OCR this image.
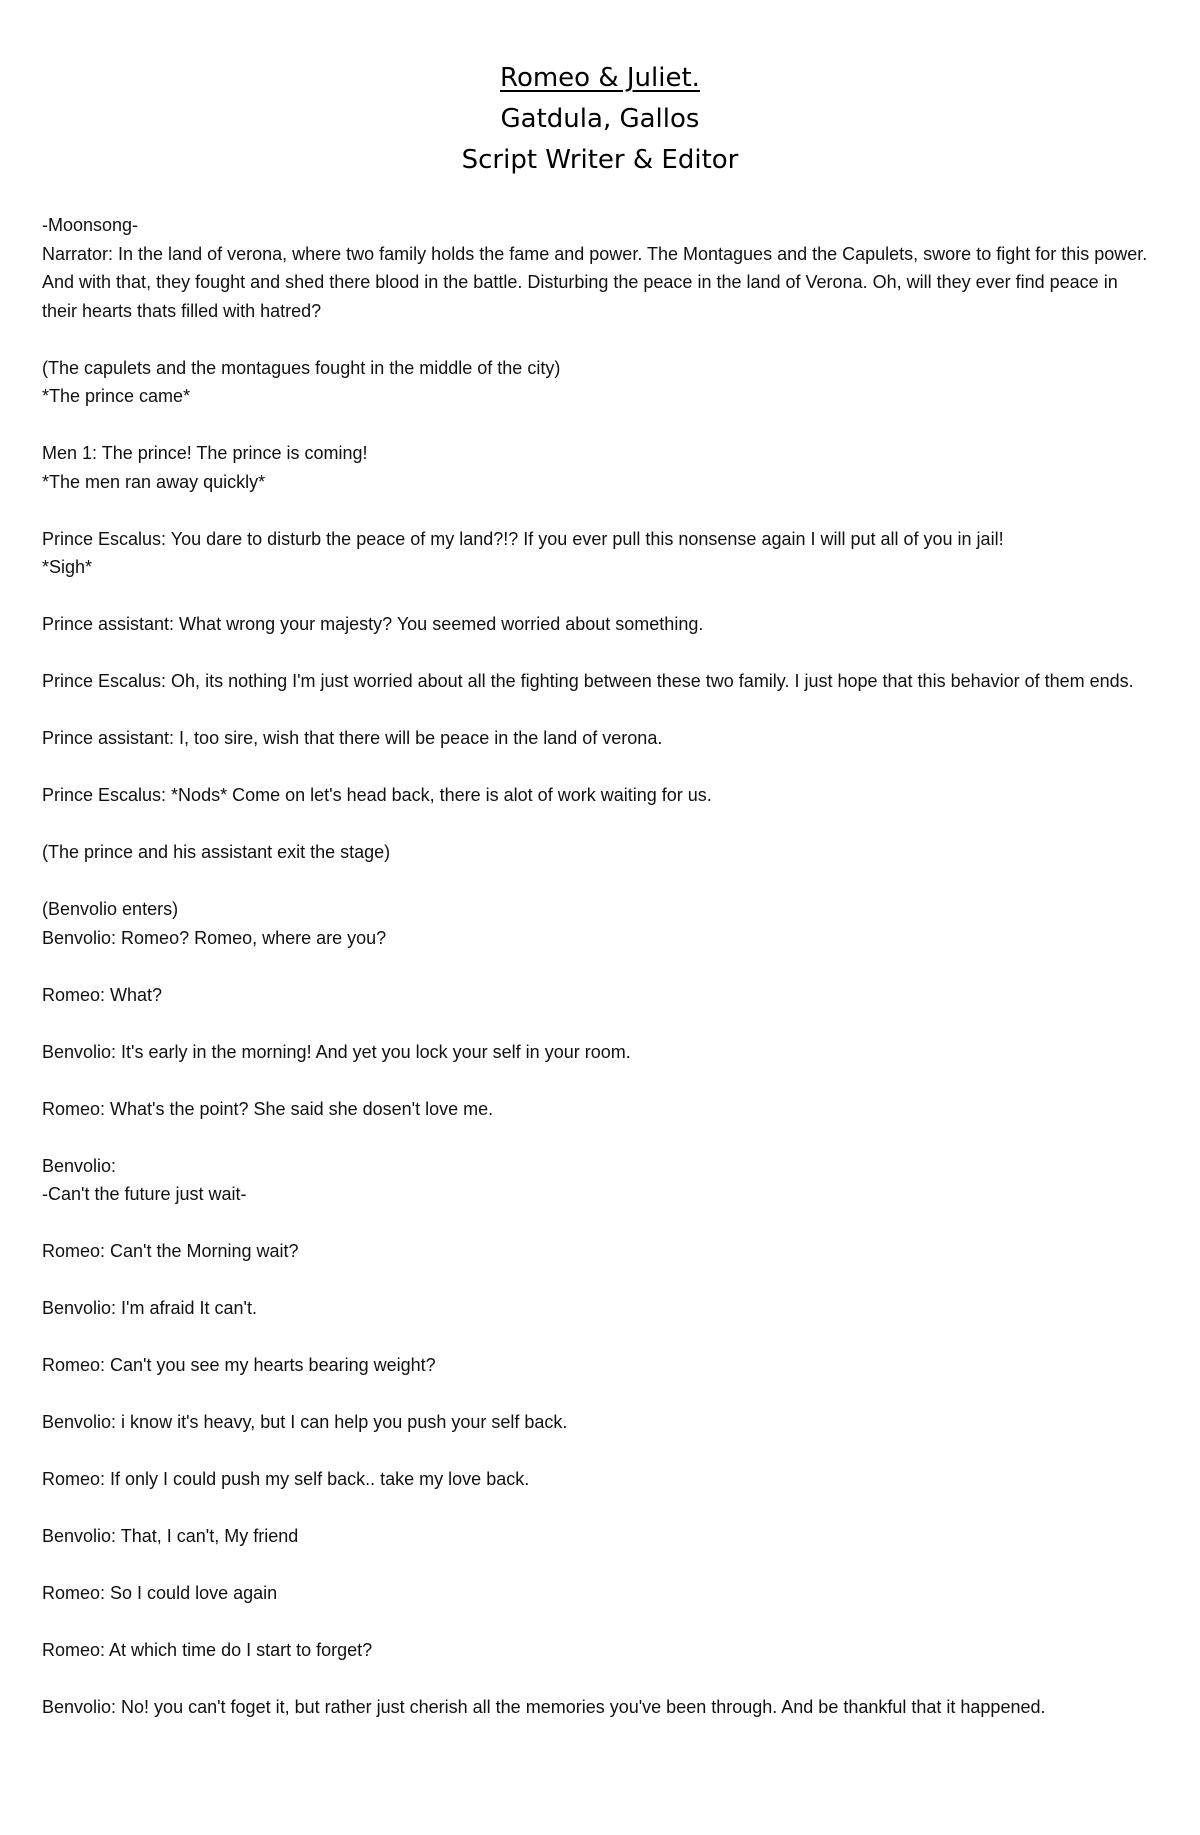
Romeo & Juliet.
Gatdula, Gallos
Script Writer & Editor
-Moonsong-
Narrator: In the land of verona, where two family holds the fame and power. The Montagues and the Capulets, swore to fight for this power. And with that, they fought and shed there blood in the battle. Disturbing the peace in the land of Verona. Oh, will they ever find peace in their hearts thats filled with hatred?
(The capulets and the montagues fought in the middle of the city)
*The prince came*
Men 1: The prince! The prince is coming!
*The men ran away quickly*
Prince Escalus: You dare to disturb the peace of my land?!? If you ever pull this nonsense again I will put all of you in jail!
*Sigh*
Prince assistant: What wrong your majesty? You seemed worried about something.
Prince Escalus: Oh, its nothing I'm just worried about all the fighting between these two family. I just hope that this behavior of them ends.
Prince assistant: I, too sire, wish that there will be peace in the land of verona.
Prince Escalus: *Nods* Come on let's head back, there is alot of work waiting for us.
(The prince and his assistant exit the stage)
(Benvolio enters)
Benvolio: Romeo? Romeo, where are you?
Romeo: What?
Benvolio: It's early in the morning! And yet you lock your self in your room.
Romeo: What's the point? She said she dosen't love me.
Benvolio:
-Can't the future just wait-
Romeo: Can't the Morning wait?
Benvolio: I'm afraid It can't.
Romeo: Can't you see my hearts bearing weight?
Benvolio: i know it's heavy, but I can help you push your self back.
Romeo: If only I could push my self back.. take my love back.
Benvolio: That, I can't, My friend
Romeo: So I could love again
Romeo: At which time do I start to forget?
Benvolio: No! you can't foget it, but rather just cherish all the memories you've been through. And be thankful that it happened.
